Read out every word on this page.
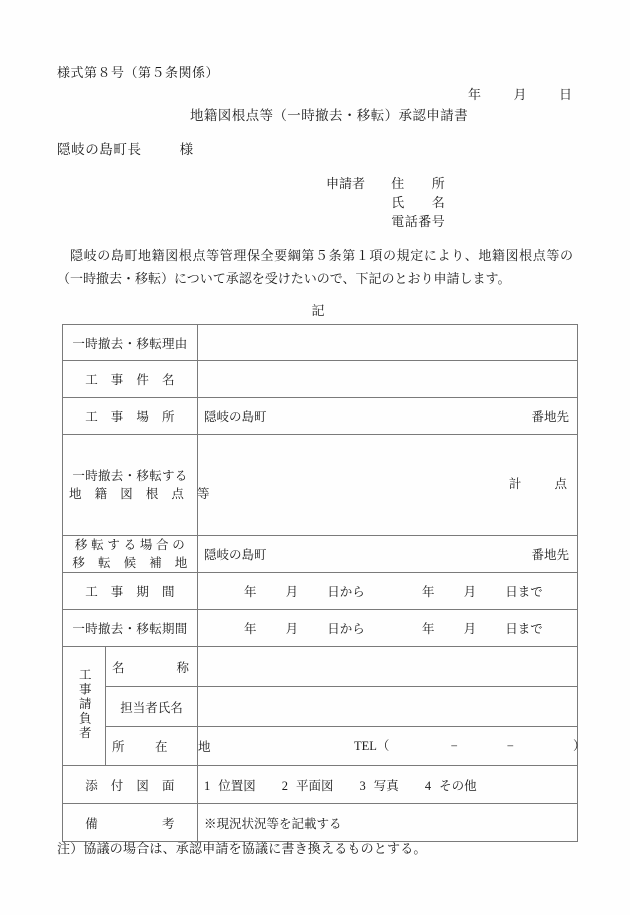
様式第８号（第５条関係）
年	月	日
地籍図根点等（一時撤去・移転）承認申請書
隠岐の島町長	様
申請者 住　　所
氏　　名
電話番号
隠岐の島町地籍図根点等管理保全要綱第５条第１項の規定により、地籍図根点等の（一時撤去・移転）について承認を受けたいので、下記のとおり申請します。
記
一時撤去・移転理由		
工　事　件　名		
工　事　場　所		隠岐の島町 番地先

一時撤去・移転する
地　籍　図　根　点　等		計 点

移 転 す る 場 合 の
移　転　候　補　地
	隠岐の島町	番地先

工　事　期　間		年 月 日から 年 月 日まで
一時撤去・移転期間		年 月 日から 年 月 日まで
工事請負者	名　　称	
	担当者氏名	
	所　在　地	TEL（ − − ）

添　付　図　面		1 位置図 2 平面図 3 写真 4 その他
備　　　　　考		※現況状況等を記載する
注）協議の場合は、承認申請を協議に書き換えるものとする。
